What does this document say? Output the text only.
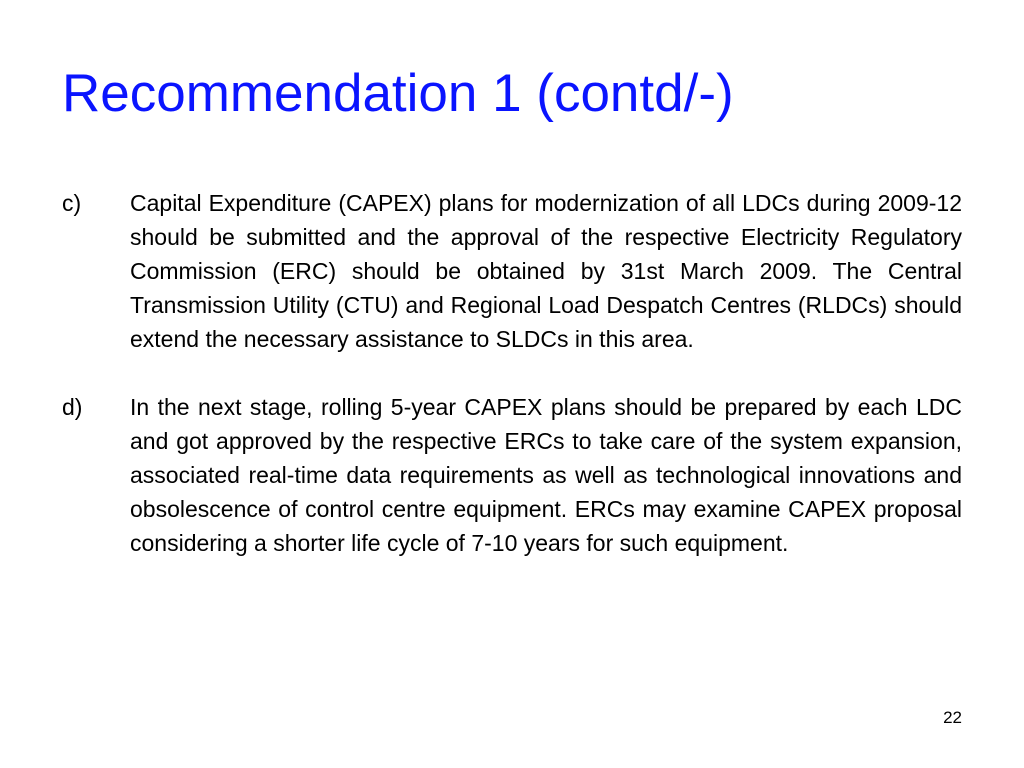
Recommendation 1 (contd/-)
c)	Capital Expenditure (CAPEX) plans for modernization of all LDCs during 2009-12 should be submitted and the approval of the respective Electricity Regulatory Commission (ERC) should be obtained by 31st March 2009. The Central Transmission Utility (CTU) and Regional Load Despatch Centres (RLDCs) should extend the necessary assistance to SLDCs in this area.
d)	In the next stage, rolling 5-year CAPEX plans should be prepared by each LDC and got approved by the respective ERCs to take care of the system expansion, associated real-time data requirements as well as technological innovations and obsolescence of control centre equipment. ERCs may examine CAPEX proposal considering a shorter life cycle of 7-10 years for such equipment.
22
